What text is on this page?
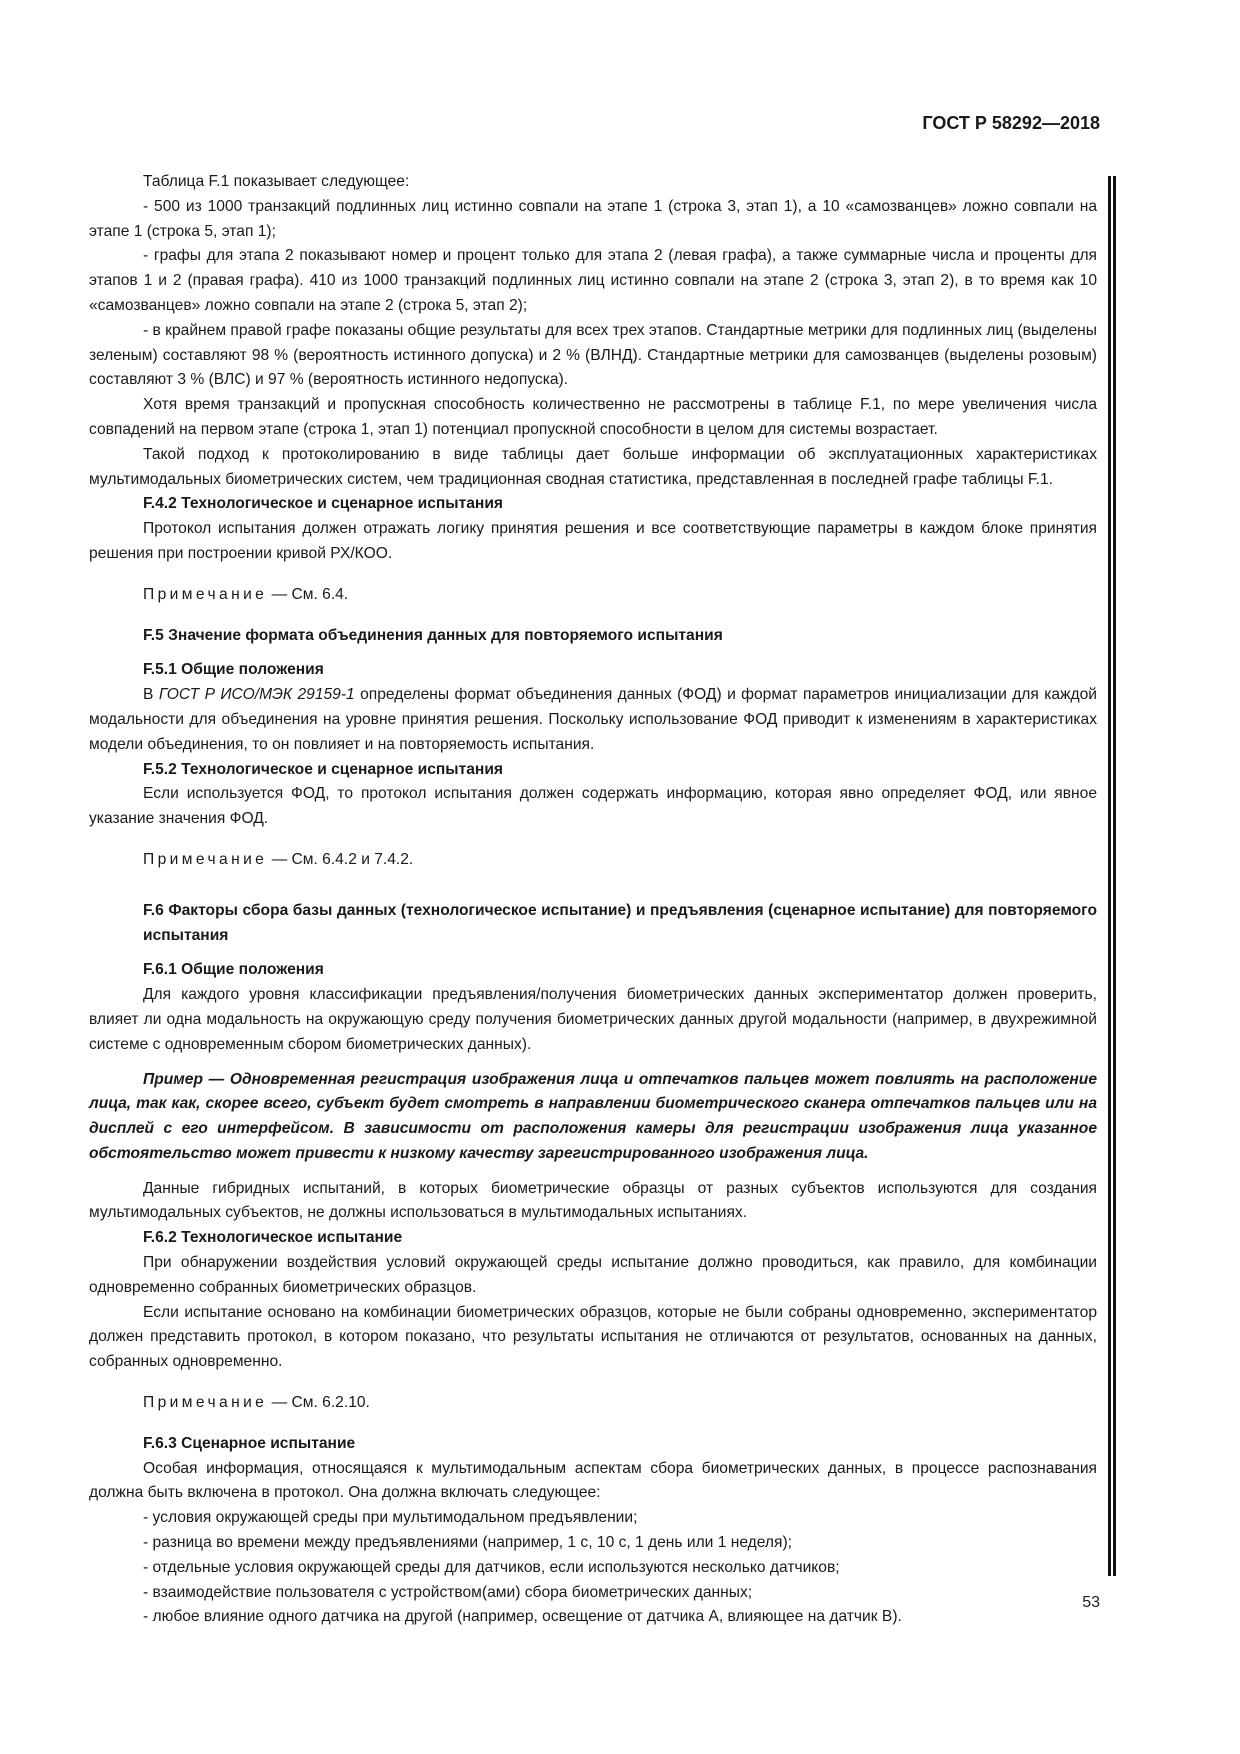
ГОСТ Р 58292—2018

Таблица F.1 показывает следующее:

- 500 из 1000 транзакций подлинных лиц истинно совпали на этапе 1 (строка 3, этап 1), а 10 «самозванцев» ложно совпали на этапе 1 (строка 5, этап 1);

- графы для этапа 2 показывают номер и процент только для этапа 2 (левая графа), а также суммарные числа и проценты для этапов 1 и 2 (правая графа). 410 из 1000 транзакций подлинных лиц истинно совпали на этапе 2 (строка 3, этап 2), в то время как 10 «самозванцев» ложно совпали на этапе 2 (строка 5, этап 2);

- в крайнем правой графе показаны общие результаты для всех трех этапов. Стандартные метрики для подлинных лиц (выделены зеленым) составляют 98 % (вероятность истинного допуска) и 2 % (ВЛНД). Стандартные метрики для самозванцев (выделены розовым) составляют 3 % (ВЛС) и 97 % (вероятность истинного недопуска).

Хотя время транзакций и пропускная способность количественно не рассмотрены в таблице F.1, по мере увеличения числа совпадений на первом этапе (строка 1, этап 1) потенциал пропускной способности в целом для системы возрастает.

Такой подход к протоколированию в виде таблицы дает больше информации об эксплуатационных характеристиках мультимодальных биометрических систем, чем традиционная сводная статистика, представленная в последней графе таблицы F.1.

F.4.2 Технологическое и сценарное испытания

Протокол испытания должен отражать логику принятия решения и все соответствующие параметры в каждом блоке принятия решения при построении кривой РХ/КОО.

Примечание — См. 6.4.

F.5 Значение формата объединения данных для повторяемого испытания

F.5.1 Общие положения

В ГОСТ Р ИСО/МЭК 29159-1 определены формат объединения данных (ФОД) и формат параметров инициализации для каждой модальности для объединения на уровне принятия решения. Поскольку использование ФОД приводит к изменениям в характеристиках модели объединения, то он повлияет и на повторяемость испытания.

F.5.2 Технологическое и сценарное испытания

Если используется ФОД, то протокол испытания должен содержать информацию, которая явно определяет ФОД, или явное указание значения ФОД.

Примечание — См. 6.4.2 и 7.4.2.

F.6 Факторы сбора базы данных (технологическое испытание) и предъявления (сценарное испытание) для повторяемого испытания

F.6.1 Общие положения

Для каждого уровня классификации предъявления/получения биометрических данных экспериментатор должен проверить, влияет ли одна модальность на окружающую среду получения биометрических данных другой модальности (например, в двухрежимной системе с одновременным сбором биометрических данных).

Пример — Одновременная регистрация изображения лица и отпечатков пальцев может повлиять на расположение лица, так как, скорее всего, субъект будет смотреть в направлении биометрического сканера отпечатков пальцев или на дисплей с его интерфейсом. В зависимости от расположения камеры для регистрации изображения лица указанное обстоятельство может привести к низкому качеству зарегистрированного изображения лица.

Данные гибридных испытаний, в которых биометрические образцы от разных субъектов используются для создания мультимодальных субъектов, не должны использоваться в мультимодальных испытаниях.

F.6.2 Технологическое испытание

При обнаружении воздействия условий окружающей среды испытание должно проводиться, как правило, для комбинации одновременно собранных биометрических образцов.

Если испытание основано на комбинации биометрических образцов, которые не были собраны одновременно, экспериментатор должен представить протокол, в котором показано, что результаты испытания не отличаются от результатов, основанных на данных, собранных одновременно.

Примечание — См. 6.2.10.

F.6.3 Сценарное испытание

Особая информация, относящаяся к мультимодальным аспектам сбора биометрических данных, в процессе распознавания должна быть включена в протокол. Она должна включать следующее:

- условия окружающей среды при мультимодальном предъявлении;

- разница во времени между предъявлениями (например, 1 с, 10 с, 1 день или 1 неделя);

- отдельные условия окружающей среды для датчиков, если используются несколько датчиков;

- взаимодействие пользователя с устройством(ами) сбора биометрических данных;

- любое влияние одного датчика на другой (например, освещение от датчика А, влияющее на датчик В).

53
